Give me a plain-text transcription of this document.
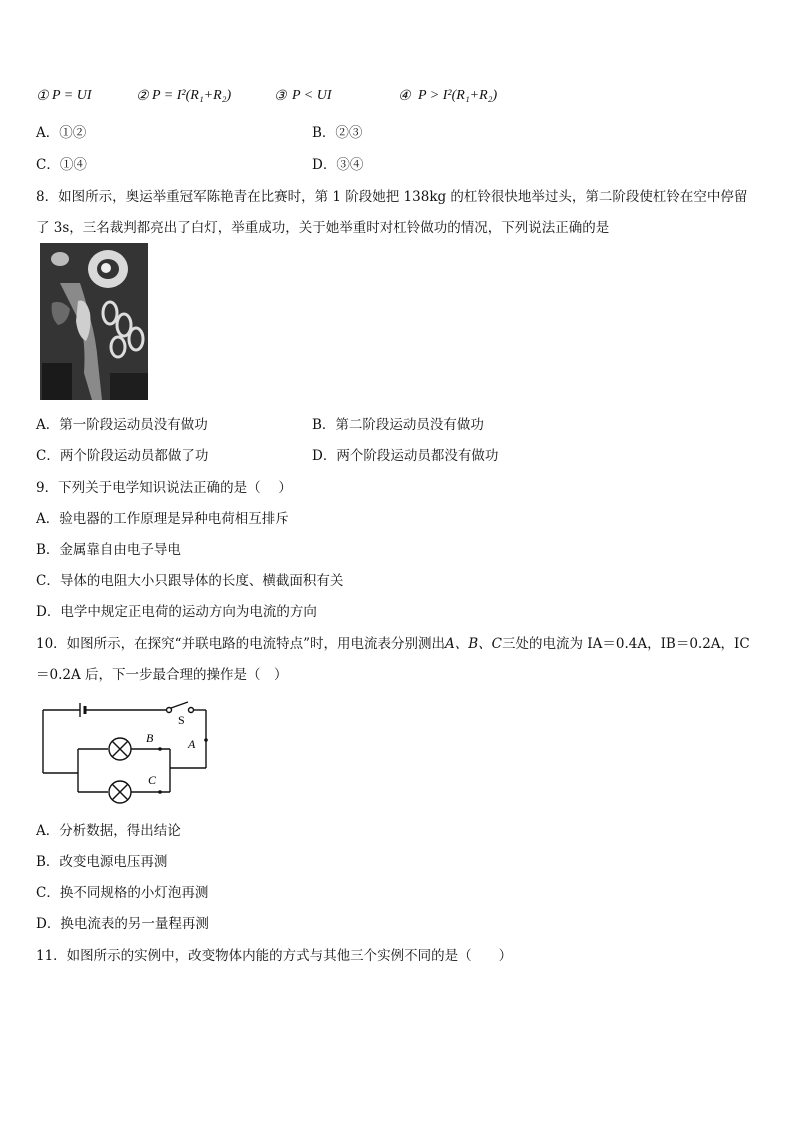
① P = UI	② P = I²(R₁+R₂)	③ P < UI	④ P > I²(R₁+R₂)
A．①②	B．②③
C．①④	D．③④
8．如图所示，奥运举重冠军陈艳青在比赛时，第 1 阶段她把 138kg 的杠铃很快地举过头，第二阶段使杠铃在空中停留
了 3s，三名裁判都亮出了白灯，举重成功，关于她举重时对杠铃做功的情况，下列说法正确的是
A．第一阶段运动员没有做功	B．第二阶段运动员没有做功
C．两个阶段运动员都做了功	D．两个阶段运动员都没有做功
9．下列关于电学知识说法正确的是（　 ）
A．验电器的工作原理是异种电荷相互排斥
B．金属靠自由电子导电
C．导体的电阻大小只跟导体的长度、横截面积有关
D．电学中规定正电荷的运动方向为电流的方向
10．如图所示，在探究“并联电路的电流特点”时，用电流表分别测出A、B、C三处的电流为 IA＝0.4A，IB＝0.2A，IC
＝0.2A 后，下一步最合理的操作是（　）
S
B	A
C
A．分析数据，得出结论
B．改变电源电压再测
C．换不同规格的小灯泡再测
D．换电流表的另一量程再测
11．如图所示的实例中，改变物体内能的方式与其他三个实例不同的是（　　）
